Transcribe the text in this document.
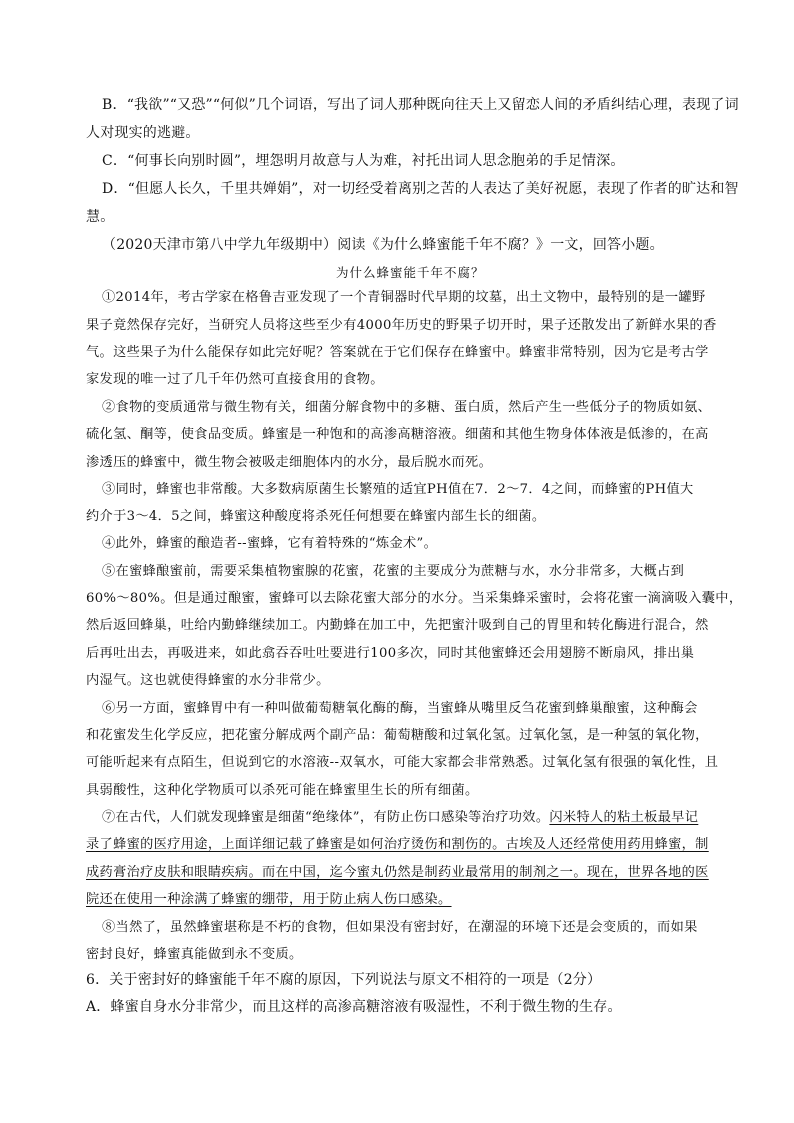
B．“我欲”“又恐”“何似”几个词语，写出了词人那种既向往天上又留恋人间的矛盾纠结心理，表现了词

人对现实的逃避。

C．“何事长向别时圆”，埋怨明月故意与人为难，衬托出词人思念胞弟的手足情深。

D．“但愿人长久，千里共婵娟”，对一切经受着离别之苦的人表达了美好祝愿，表现了作者的旷达和智

慧。

（2020天津市第八中学九年级期中）阅读《为什么蜂蜜能千年不腐？》一文，回答小题。

为什么蜂蜜能千年不腐？

①2014年，考古学家在格鲁吉亚发现了一个青铜器时代早期的坟墓，出土文物中，最特别的是一罐野

果子竟然保存完好，当研究人员将这些至少有4000年历史的野果子切开时，果子还散发出了新鲜水果的香

气。这些果子为什么能保存如此完好呢？答案就在于它们保存在蜂蜜中。蜂蜜非常特别，因为它是考古学

家发现的唯一过了几千年仍然可直接食用的食物。

②食物的变质通常与微生物有关，细菌分解食物中的多糖、蛋白质，然后产生一些低分子的物质如氨、

硫化氢、酮等，使食品变质。蜂蜜是一种饱和的高渗高糖溶液。细菌和其他生物身体体液是低渗的，在高

渗透压的蜂蜜中，微生物会被吸走细胞体内的水分，最后脱水而死。

③同时，蜂蜜也非常酸。大多数病原菌生长繁殖的适宜PH值在7．2～7．4之间，而蜂蜜的PH值大

约介于3～4．5之间，蜂蜜这种酸度将杀死任何想要在蜂蜜内部生长的细菌。

④此外，蜂蜜的酿造者--蜜蜂，它有着特殊的“炼金术”。

⑤在蜜蜂酿蜜前，需要采集植物蜜腺的花蜜，花蜜的主要成分为蔗糖与水，水分非常多，大概占到

60%～80%。但是通过酿蜜，蜜蜂可以去除花蜜大部分的水分。当采集蜂采蜜时，会将花蜜一滴滴吸入囊中，

然后返回蜂巢，吐给内勤蜂继续加工。内勤蜂在加工中，先把蜜汁吸到自己的胃里和转化酶进行混合，然

后再吐出去，再吸进来，如此翕吞吞吐吐要进行100多次，同时其他蜜蜂还会用翅膀不断扇风，排出巢

内湿气。这也就使得蜂蜜的水分非常少。

⑥另一方面，蜜蜂胃中有一种叫做葡萄糖氧化酶的酶，当蜜蜂从嘴里反刍花蜜到蜂巢酿蜜，这种酶会

和花蜜发生化学反应，把花蜜分解成两个副产品：葡萄糖酸和过氧化氢。过氧化氢，是一种氢的氧化物，

可能听起来有点陌生，但说到它的水溶液--双氧水，可能大家都会非常熟悉。过氧化氢有很强的氧化性，且

具弱酸性，这种化学物质可以杀死可能在蜂蜜里生长的所有细菌。

⑦在古代，人们就发现蜂蜜是细菌“绝缘体”，有防止伤口感染等治疗功效。闪米特人的粘土板最早记

录了蜂蜜的医疗用途，上面详细记载了蜂蜜是如何治疗烫伤和割伤的。古埃及人还经常使用药用蜂蜜，制

成药膏治疗皮肤和眼睛疾病。而在中国，迄今蜜丸仍然是制药业最常用的制剂之一。现在，世界各地的医

院还在使用一种涂满了蜂蜜的绷带，用于防止病人伤口感染。

⑧当然了，虽然蜂蜜堪称是不朽的食物，但如果没有密封好，在潮湿的环境下还是会变质的，而如果

密封良好，蜂蜜真能做到永不变质。

6．关于密封好的蜂蜜能千年不腐的原因，下列说法与原文不相符的一项是（2分）

A．蜂蜜自身水分非常少，而且这样的高渗高糖溶液有吸湿性，不利于微生物的生存。
